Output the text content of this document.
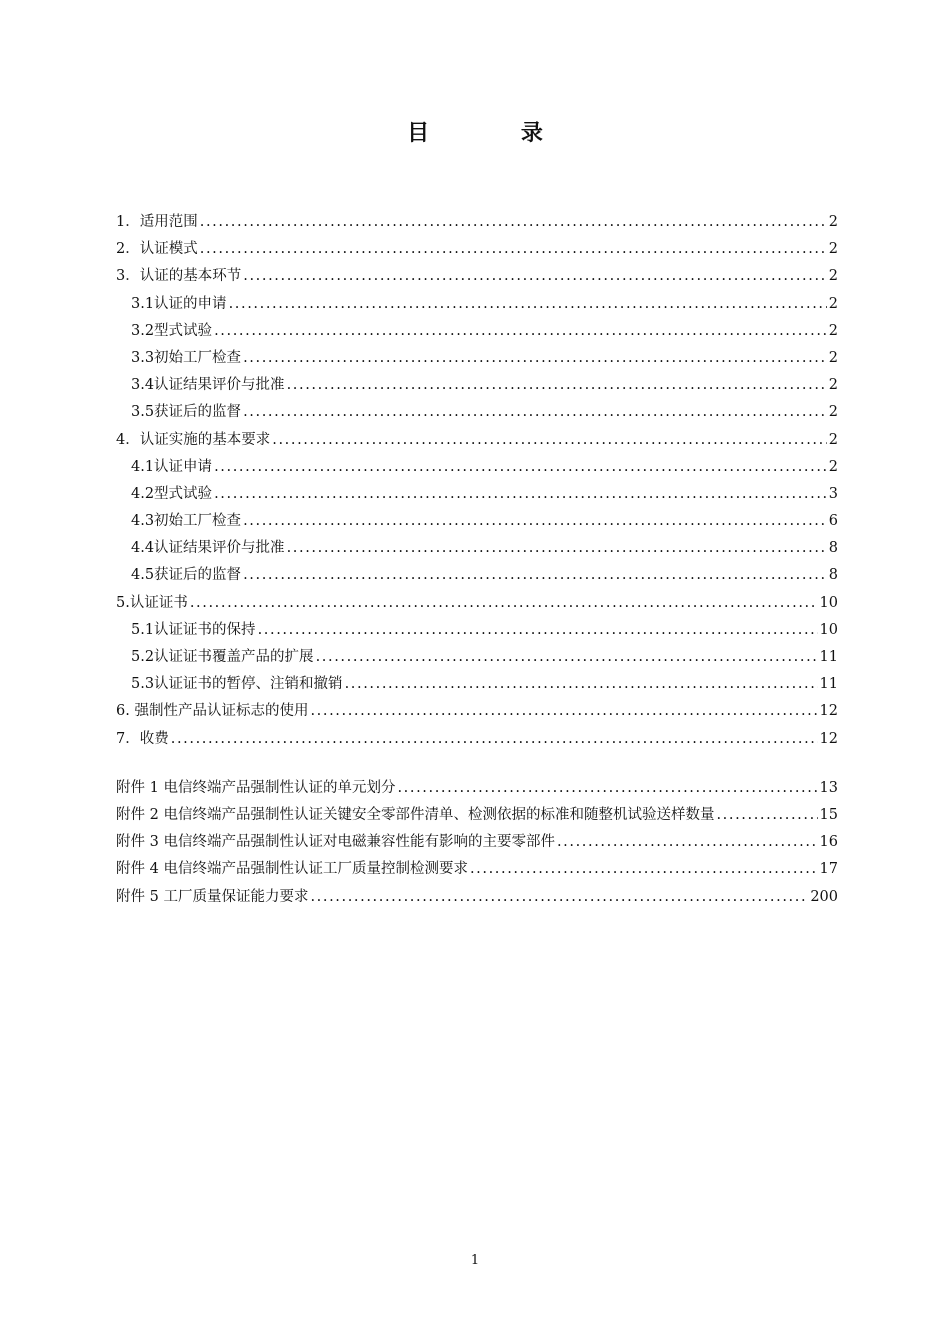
目 录
1．适用范围 .....	2
2．认证模式 .....	2
3．认证的基本环节 .....	2
3.1认证的申请 .....	2
3.2型式试验 .....	2
3.3初始工厂检查 .....	2
3.4认证结果评价与批准 .....	2
3.5获证后的监督 .....	2
4．认证实施的基本要求 .....	2
4.1认证申请 .....	2
4.2型式试验 .....	3
4.3初始工厂检查 .....	6
4.4认证结果评价与批准 .....	8
4.5获证后的监督 .....	8
5.认证证书 .....	10
5.1认证证书的保持 .....	10
5.2认证证书覆盖产品的扩展 .....	11
5.3认证证书的暂停、注销和撤销 .....	11
6. 强制性产品认证标志的使用 .....	12
7．收费 .....	12
附件 1 电信终端产品强制性认证的单元划分 .....	13
附件 2 电信终端产品强制性认证关键安全零部件清单、检测依据的标准和随整机试验送样数量 .....	15
附件 3 电信终端产品强制性认证对电磁兼容性能有影响的主要零部件 .....	16
附件 4 电信终端产品强制性认证工厂质量控制检测要求 .....	17
附件 5 工厂质量保证能力要求 .....	200
1
